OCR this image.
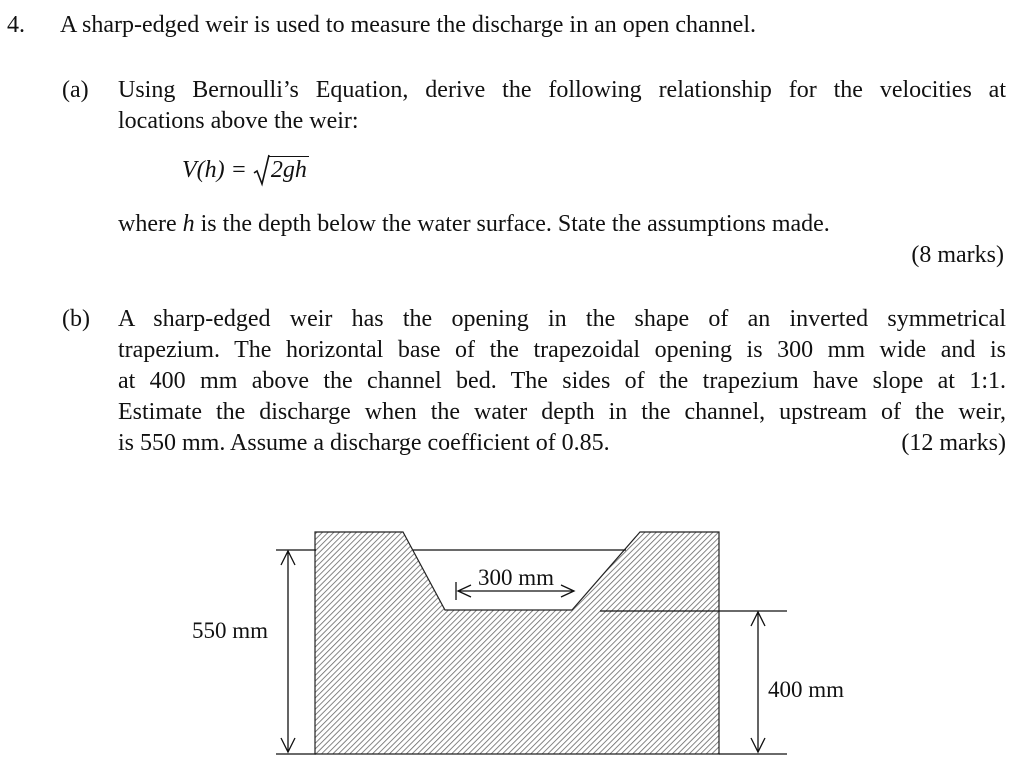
4. A sharp-edged weir is used to measure the discharge in an open channel.
(a) Using Bernoulli’s Equation, derive the following relationship for the velocities at

locations above the weir:

V(h) =
2gh

where h is the depth below the water surface. State the assumptions made.

(8 marks)
(b) A sharp-edged weir has the opening in the shape of an inverted symmetrical

trapezium. The horizontal base of the trapezoidal opening is 300 mm wide and is

at 400 mm above the channel bed. The sides of the trapezium have slope at 1:1.

Estimate the discharge when the water depth in the channel, upstream of the weir,

is 550 mm. Assume a discharge coefficient of 0.85.	(12 marks)

300 mm
550 mm
400 mm
